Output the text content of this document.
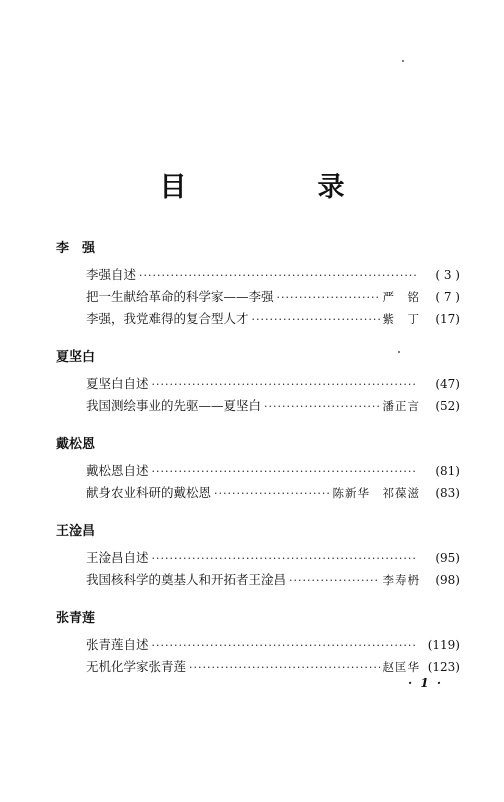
目　录
李　强
李强自述 ·····	( 3 )
把一生献给革命的科学家——李强 ·····	严　铭	( 7 )
李强，我党难得的复合型人才 ·····	紫　丁	(17)
夏坚白
夏坚白自述 ·····	(47)
我国测绘事业的先驱——夏坚白 ·····	潘正言	(52)
戴松恩
戴松恩自述 ·····	(81)
献身农业科研的戴松恩 ·····	陈新华　祁葆滋	(83)
王淦昌
王淦昌自述 ·····	(95)
我国核科学的奠基人和开拓者王淦昌 ·····	李寿枬	(98)
张青莲
张青莲自述 ·····	(119)
无机化学家张青莲 ·····	赵匡华 (123)
· 1 ·
